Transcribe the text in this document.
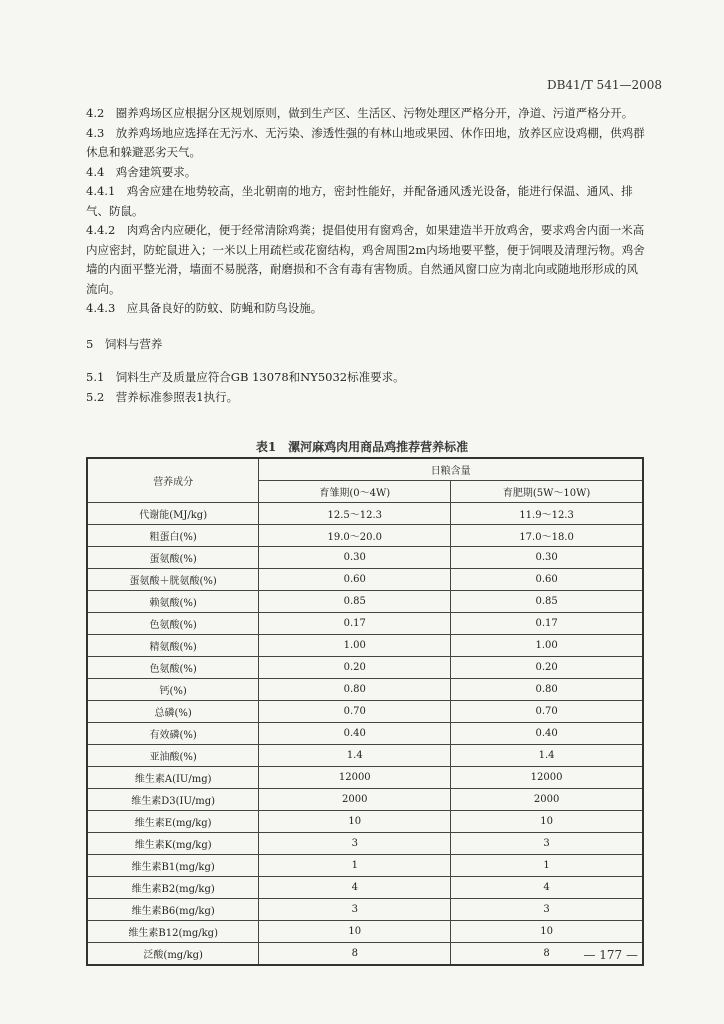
DB41/T 541—2008

4.2　圈养鸡场区应根据分区规划原则，做到生产区、生活区、污物处理区严格分开，净道、污道严格分开。

4.3　放养鸡场地应选择在无污水、无污染、渗透性强的有林山地或果园、休作田地，放养区应设鸡棚，供鸡群休息和躲避恶劣天气。

4.4　鸡舍建筑要求。

4.4.1　鸡舍应建在地势较高，坐北朝南的地方，密封性能好，并配备通风透光设备，能进行保温、通风、排气、防鼠。

4.4.2　肉鸡舍内应硬化，便于经常清除鸡粪；提倡使用有窗鸡舍，如果建造半开放鸡舍，要求鸡舍内面一米高内应密封，防蛇鼠进入；一米以上用疏栏或花窗结构，鸡舍周围2m内场地要平整，便于饲喂及清理污物。鸡舍墙的内面平整光滑，墙面不易脱落，耐磨损和不含有毒有害物质。自然通风窗口应为南北向或随地形形成的风流向。

4.4.3　应具备良好的防蚊、防蝇和防鸟设施。

5　饲料与营养

5.1　饲料生产及质量应符合GB 13078和NY5032标准要求。

5.2　营养标准参照表1执行。

表1　漯河麻鸡肉用商品鸡推荐营养标准
营养成分	日粮含量	
	育雏期(0～4W)	育肥期(5W～10W)
代谢能(MJ/kg)	12.5～12.3	11.9～12.3
粗蛋白(%)	19.0～20.0	17.0～18.0
蛋氨酸(%)	0.30	0.30
蛋氨酸＋胱氨酸(%)	0.60	0.60
赖氨酸(%)	0.85	0.85
色氨酸(%)	0.17	0.17
精氨酸(%)	1.00	1.00
色氨酸(%)	0.20	0.20
钙(%)	0.80	0.80
总磷(%)	0.70	0.70
有效磷(%)	0.40	0.40
亚油酸(%)	1.4	1.4
维生素A(IU/mg)	12000	12000
维生素D3(IU/mg)	2000	2000
维生素E(mg/kg)	10	10
维生素K(mg/kg)	3	3
维生素B1(mg/kg)	1	1
维生素B2(mg/kg)	4	4
维生素B6(mg/kg)	3	3
维生素B12(mg/kg)	10	10
泛酸(mg/kg)	8	8	— 177 —
